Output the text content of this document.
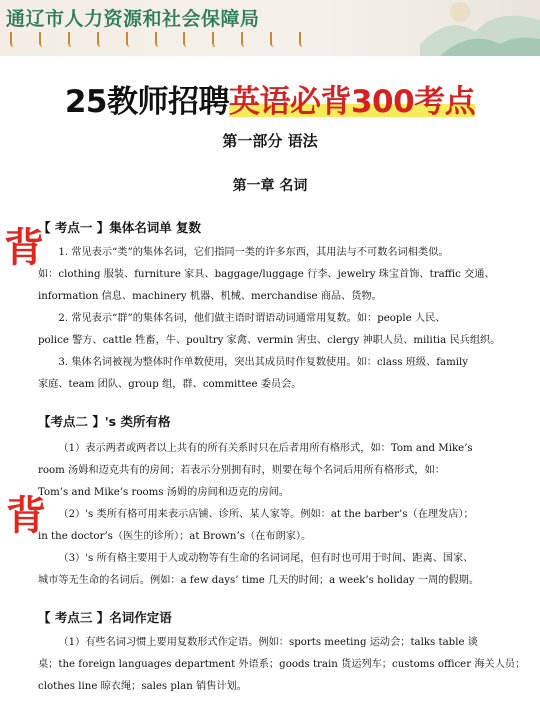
通辽市人力资源和社会保障局
25教师招聘英语必背300考点
第一部分 语法
第一章 名词
背
背
【 考点一 】集体名词单 复数
1. 常见表示“类”的集体名词，它们指同一类的许多东西，其用法与不可数名词相类似。
如：clothing 服装、furniture 家具、baggage/luggage 行李、jewelry 珠宝首饰、traffic 交通、
information 信息、machinery 机器、机械、merchandise 商品、货物。
2. 常见表示“群”的集体名词，他们做主语时谓语动词通常用复数。如：people 人民、
police 警方、cattle 牲畜，牛、poultry 家禽、vermin 害虫、clergy 神职人员、militia 民兵组织。
3. 集体名词被视为整体时作单数使用，突出其成员时作复数使用。如：class 班级、family
家庭、team 团队、group 组，群、committee 委员会。
【考点二 】's 类所有格
（1）表示两者或两者以上共有的所有关系时只在后者用所有格形式，如：Tom and Mike’s
room 汤姆和迈克共有的房间；若表示分别拥有时，则要在每个名词后用所有格形式，如：
Tom’s and Mike’s rooms 汤姆的房间和迈克的房间。
（2）'s 类所有格可用来表示店铺、诊所、某人家等。例如：at the barber’s（在理发店）；
in the doctor’s（医生的诊所）；at Brown’s（在布朗家）。
（3）'s 所有格主要用于人或动物等有生命的名词词尾，但有时也可用于时间、距离、国家、
城市等无生命的名词后。例如：a few days’ time 几天的时间；a week’s holiday 一周的假期。
【 考点三 】名词作定语
（1）有些名词习惯上要用复数形式作定语。例如：sports meeting 运动会；talks table 谈
桌；the foreign languages department 外语系；goods train 货运列车；customs officer 海关人员；
clothes line 晾衣绳；sales plan 销售计划。
